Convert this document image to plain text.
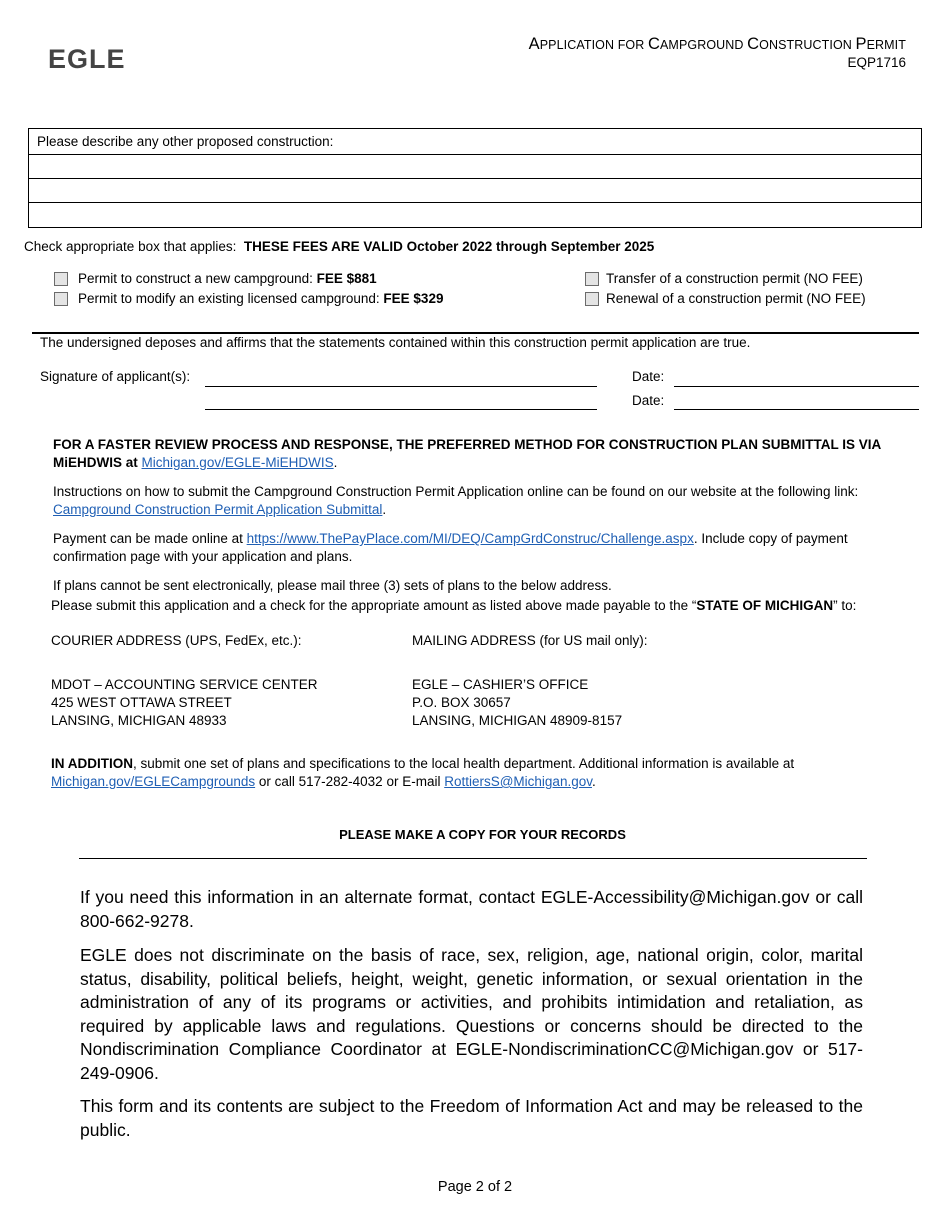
EGLE	APPLICATION FOR CAMPGROUND CONSTRUCTION PERMIT
EQP1716
Please describe any other proposed construction:
Check appropriate box that applies: THESE FEES ARE VALID October 2022 through September 2025
Permit to construct a new campground:
FEE $881
Permit to modify an existing licensed campground:
FEE $329
Transfer of a construction permit (NO FEE)
Renewal of a construction permit (NO FEE)
The undersigned deposes and affirms that the statements contained within this construction permit application are true.
Signature of applicant(s):	Date:
Date:
FOR A FASTER REVIEW PROCESS AND RESPONSE, THE PREFERRED METHOD FOR CONSTRUCTION PLAN SUBMITTAL IS VIA MiEHDWIS at Michigan.gov/EGLE-MiEHDWIS.
Instructions on how to submit the Campground Construction Permit Application online can be found on our website at the following link:
Campground Construction Permit Application Submittal.
Payment can be made online at https://www.ThePayPlace.com/MI/DEQ/CampGrdConstruc/Challenge.aspx. Include copy of payment confirmation page with your application and plans.
If plans cannot be sent electronically, please mail three (3) sets of plans to the below address.
Please submit this application and a check for the appropriate amount as listed above made payable to the “STATE OF MICHIGAN” to:
COURIER ADDRESS (UPS, FedEx, etc.):
MDOT – ACCOUNTING SERVICE CENTER
425 WEST OTTAWA STREET
LANSING, MICHIGAN 48933
MAILING ADDRESS (for US mail only):
EGLE – CASHIER’S OFFICE
P.O. BOX 30657
LANSING, MICHIGAN 48909-8157
IN ADDITION, submit one set of plans and specifications to the local health department. Additional information is available at
Michigan.gov/EGLECampgrounds or call 517-282-4032 or E-mail RottiersS@Michigan.gov.
PLEASE MAKE A COPY FOR YOUR RECORDS
If you need this information in an alternate format, contact EGLE-Accessibility@Michigan.gov or call 800-662-9278.
EGLE does not discriminate on the basis of race, sex, religion, age, national origin, color, marital status, disability, political beliefs, height, weight, genetic information, or sexual orientation in the administration of any of its programs or activities, and prohibits intimidation and retaliation, as required by applicable laws and regulations. Questions or concerns should be directed to the Nondiscrimination Compliance Coordinator at EGLE-NondiscriminationCC@Michigan.gov or 517-249-0906.
This form and its contents are subject to the Freedom of Information Act and may be released to the public.
Page 2 of 2
